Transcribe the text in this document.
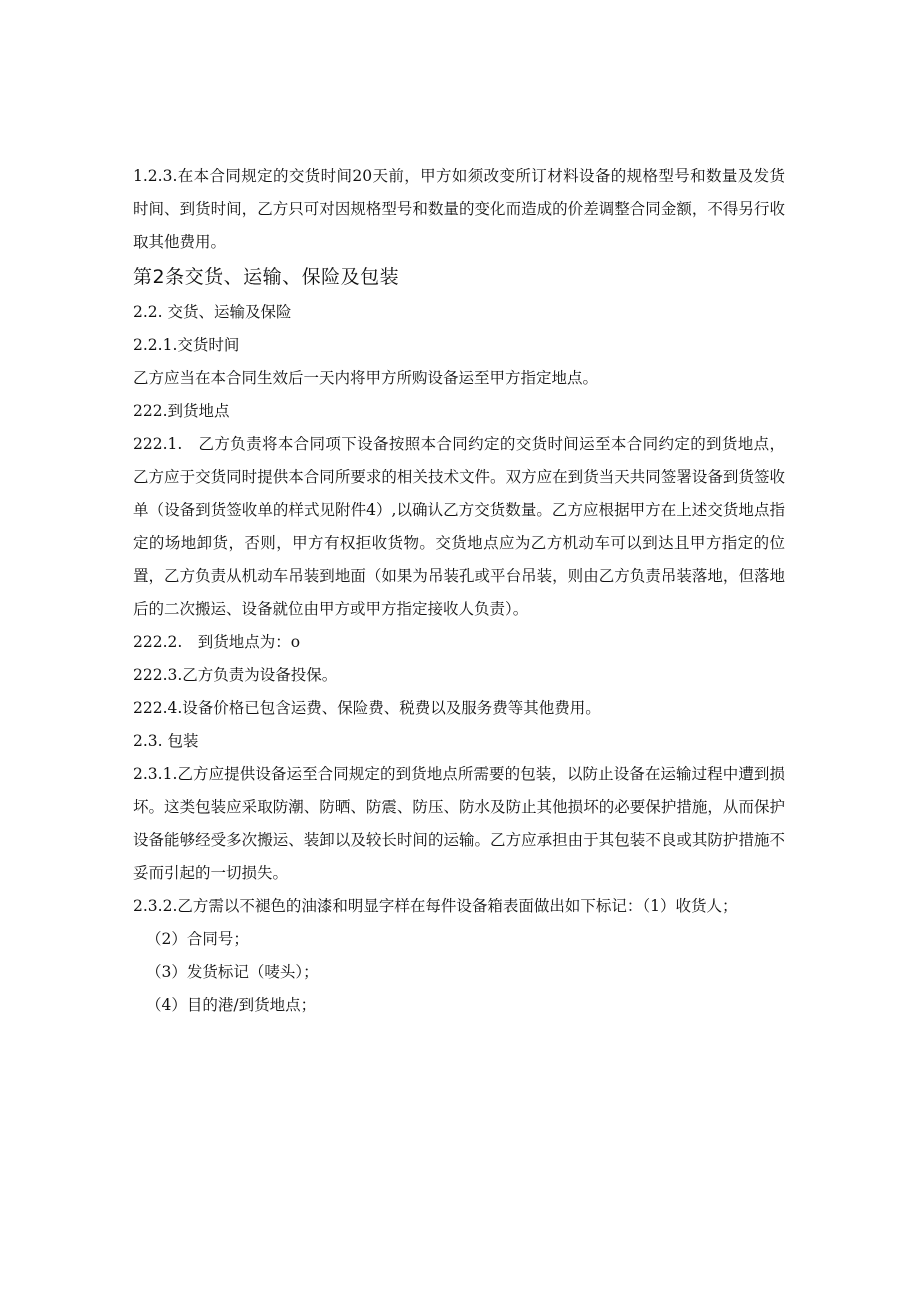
1.2.3.在本合同规定的交货时间20天前，甲方如须改变所订材料设备的规格型号和数量及发货时间、到货时间，乙方只可对因规格型号和数量的变化而造成的价差调整合同金额，不得另行收取其他费用。

第2条交货、运输、保险及包装

2.2. 交货、运输及保险

2.2.1.交货时间

乙方应当在本合同生效后一天内将甲方所购设备运至甲方指定地点。

222.到货地点

222.1.　乙方负责将本合同项下设备按照本合同约定的交货时间运至本合同约定的到货地点，乙方应于交货同时提供本合同所要求的相关技术文件。双方应在到货当天共同签署设备到货签收单（设备到货签收单的样式见附件4）,以确认乙方交货数量。乙方应根据甲方在上述交货地点指定的场地卸货，否则，甲方有权拒收货物。交货地点应为乙方机动车可以到达且甲方指定的位置，乙方负责从机动车吊装到地面（如果为吊装孔或平台吊装，则由乙方负责吊装落地，但落地后的二次搬运、设备就位由甲方或甲方指定接收人负责）。

222.2.　到货地点为：o

222.3.乙方负责为设备投保。

222.4.设备价格已包含运费、保险费、税费以及服务费等其他费用。

2.3. 包装

2.3.1.乙方应提供设备运至合同规定的到货地点所需要的包装，以防止设备在运输过程中遭到损坏。这类包装应采取防潮、防晒、防震、防压、防水及防止其他损坏的必要保护措施，从而保护设备能够经受多次搬运、装卸以及较长时间的运输。乙方应承担由于其包装不良或其防护措施不妥而引起的一切损失。

2.3.2.乙方需以不褪色的油漆和明显字样在每件设备箱表面做出如下标记：（1）收货人；

（2）合同号；

（3）发货标记（唛头）；

（4）目的港/到货地点；
